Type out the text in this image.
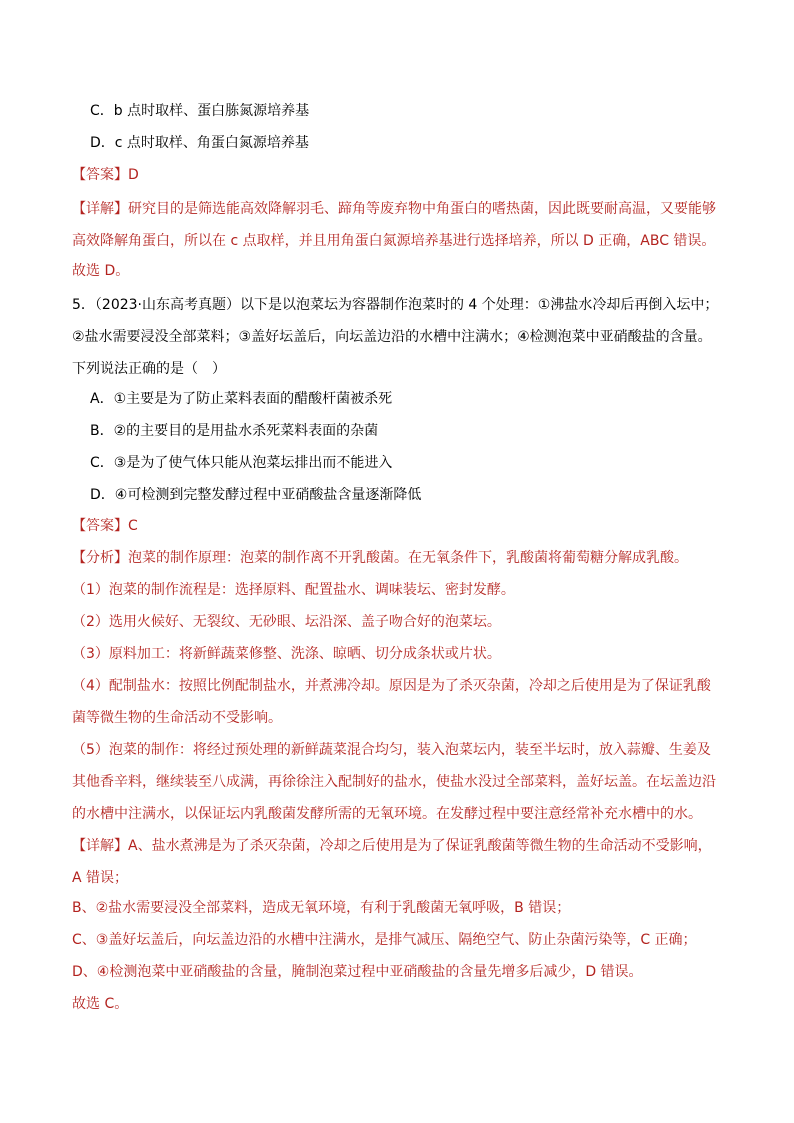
C．b 点时取样、蛋白胨氮源培养基
D．c 点时取样、角蛋白氮源培养基
【答案】D
【详解】研究目的是筛选能高效降解羽毛、蹄角等废弃物中角蛋白的嗜热菌，因此既要耐高温，又要能够高效降解角蛋白，所以在 c 点取样，并且用角蛋白氮源培养基进行选择培养，所以 D 正确，ABC 错误。
故选 D。
5．（2023·山东高考真题）以下是以泡菜坛为容器制作泡菜时的 4 个处理：①沸盐水冷却后再倒入坛中；②盐水需要浸没全部菜料；③盖好坛盖后，向坛盖边沿的水槽中注满水；④检测泡菜中亚硝酸盐的含量。下列说法正确的是（　）
A．①主要是为了防止菜料表面的醋酸杆菌被杀死
B．②的主要目的是用盐水杀死菜料表面的杂菌
C．③是为了使气体只能从泡菜坛排出而不能进入
D．④可检测到完整发酵过程中亚硝酸盐含量逐渐降低
【答案】C
【分析】泡菜的制作原理：泡菜的制作离不开乳酸菌。在无氧条件下，乳酸菌将葡萄糖分解成乳酸。
（1）泡菜的制作流程是：选择原料、配置盐水、调味装坛、密封发酵。
（2）选用火候好、无裂纹、无砂眼、坛沿深、盖子吻合好的泡菜坛。
（3）原料加工：将新鲜蔬菜修整、洗涤、晾晒、切分成条状或片状。
（4）配制盐水：按照比例配制盐水，并煮沸冷却。原因是为了杀灭杂菌，冷却之后使用是为了保证乳酸菌等微生物的生命活动不受影响。
（5）泡菜的制作：将经过预处理的新鲜蔬菜混合均匀，装入泡菜坛内，装至半坛时，放入蒜瓣、生姜及其他香辛料，继续装至八成满，再徐徐注入配制好的盐水，使盐水没过全部菜料，盖好坛盖。在坛盖边沿的水槽中注满水，以保证坛内乳酸菌发酵所需的无氧环境。在发酵过程中要注意经常补充水槽中的水。
【详解】A、盐水煮沸是为了杀灭杂菌，冷却之后使用是为了保证乳酸菌等微生物的生命活动不受影响，A 错误；
B、②盐水需要浸没全部菜料，造成无氧环境，有利于乳酸菌无氧呼吸，B 错误；
C、③盖好坛盖后，向坛盖边沿的水槽中注满水，是排气减压、隔绝空气、防止杂菌污染等，C 正确；
D、④检测泡菜中亚硝酸盐的含量，腌制泡菜过程中亚硝酸盐的含量先增多后减少，D 错误。
故选 C。
